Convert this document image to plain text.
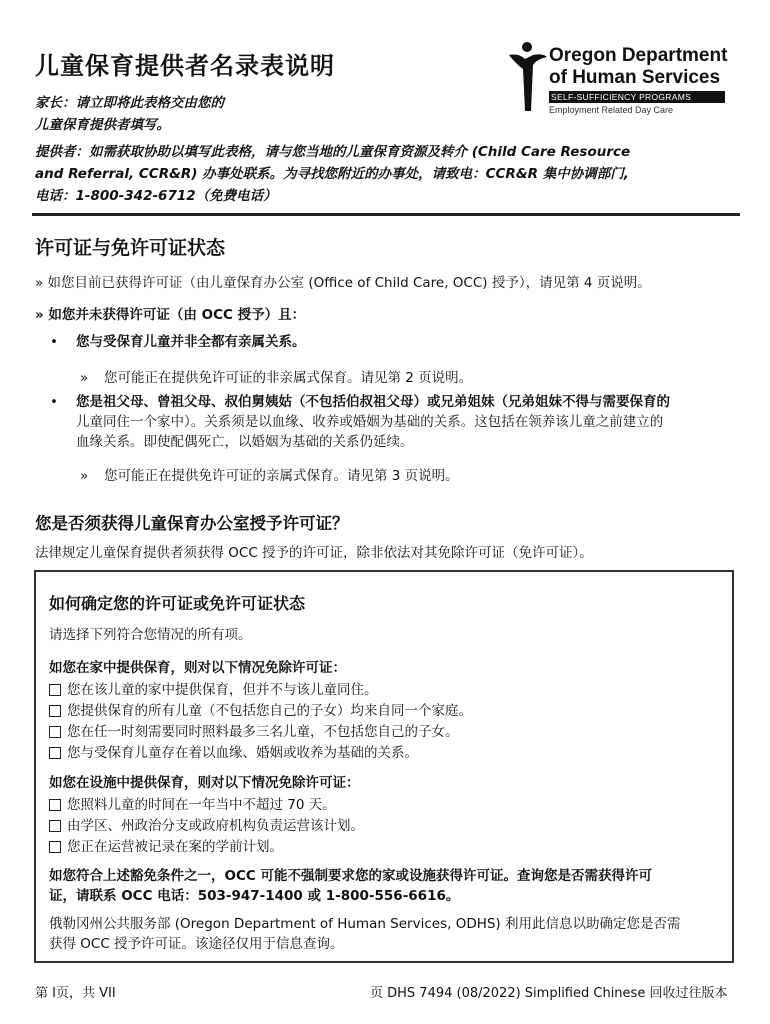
儿童保育提供者名录表说明
家长：请立即将此表格交由您的
儿童保育提供者填写。
提供者：如需获取协助以填写此表格，请与您当地的儿童保育资源及转介 (Child Care Resource
and Referral, CCR&R) 办事处联系。为寻找您附近的办事处，请致电：CCR&R 集中协调部门,
电话：1-800-342-6712（免费电话）
Oregon Department
of Human Services
SELF-SUFFICIENCY PROGRAMS
Employment Related Day Care
许可证与免许可证状态
» 如您目前已获得许可证（由儿童保育办公室 (Office of Child Care, OCC) 授予），请见第 4 页说明。
» 如您并未获得许可证（由 OCC 授予）且：
• 您与受保育儿童并非全都有亲属关系。
» 您可能正在提供免许可证的非亲属式保育。请见第 2 页说明。
• 您是祖父母、曾祖父母、叔伯舅姨姑（不包括伯叔祖父母）或兄弟姐妹（兄弟姐妹不得与需要保育的
儿童同住一个家中）。关系须是以血缘、收养或婚姻为基础的关系。这包括在领养该儿童之前建立的
血缘关系。即使配偶死亡，以婚姻为基础的关系仍延续。
» 您可能正在提供免许可证的亲属式保育。请见第 3 页说明。
您是否须获得儿童保育办公室授予许可证？
法律规定儿童保育提供者须获得 OCC 授予的许可证，除非依法对其免除许可证（免许可证）。
如何确定您的许可证或免许可证状态
请选择下列符合您情况的所有项。
如您在家中提供保育，则对以下情况免除许可证：
您在该儿童的家中提供保育，但并不与该儿童同住。
您提供保育的所有儿童（不包括您自己的子女）均来自同一个家庭。
您在任一时刻需要同时照料最多三名儿童，不包括您自己的子女。
您与受保育儿童存在着以血缘、婚姻或收养为基础的关系。
如您在设施中提供保育，则对以下情况免除许可证：
您照料儿童的时间在一年当中不超过 70 天。
由学区、州政治分支或政府机构负责运营该计划。
您正在运营被记录在案的学前计划。
如您符合上述豁免条件之一，OCC 可能不强制要求您的家或设施获得许可证。查询您是否需获得许可
证，请联系 OCC 电话：503-947-1400 或 1-800-556-6616。
俄勒冈州公共服务部 (Oregon Department of Human Services, ODHS) 利用此信息以助确定您是否需
获得 OCC 授予许可证。该途径仅用于信息查询。
第 I页，共 VII	页 DHS 7494 (08/2022) Simplified Chinese 回收过往版本
